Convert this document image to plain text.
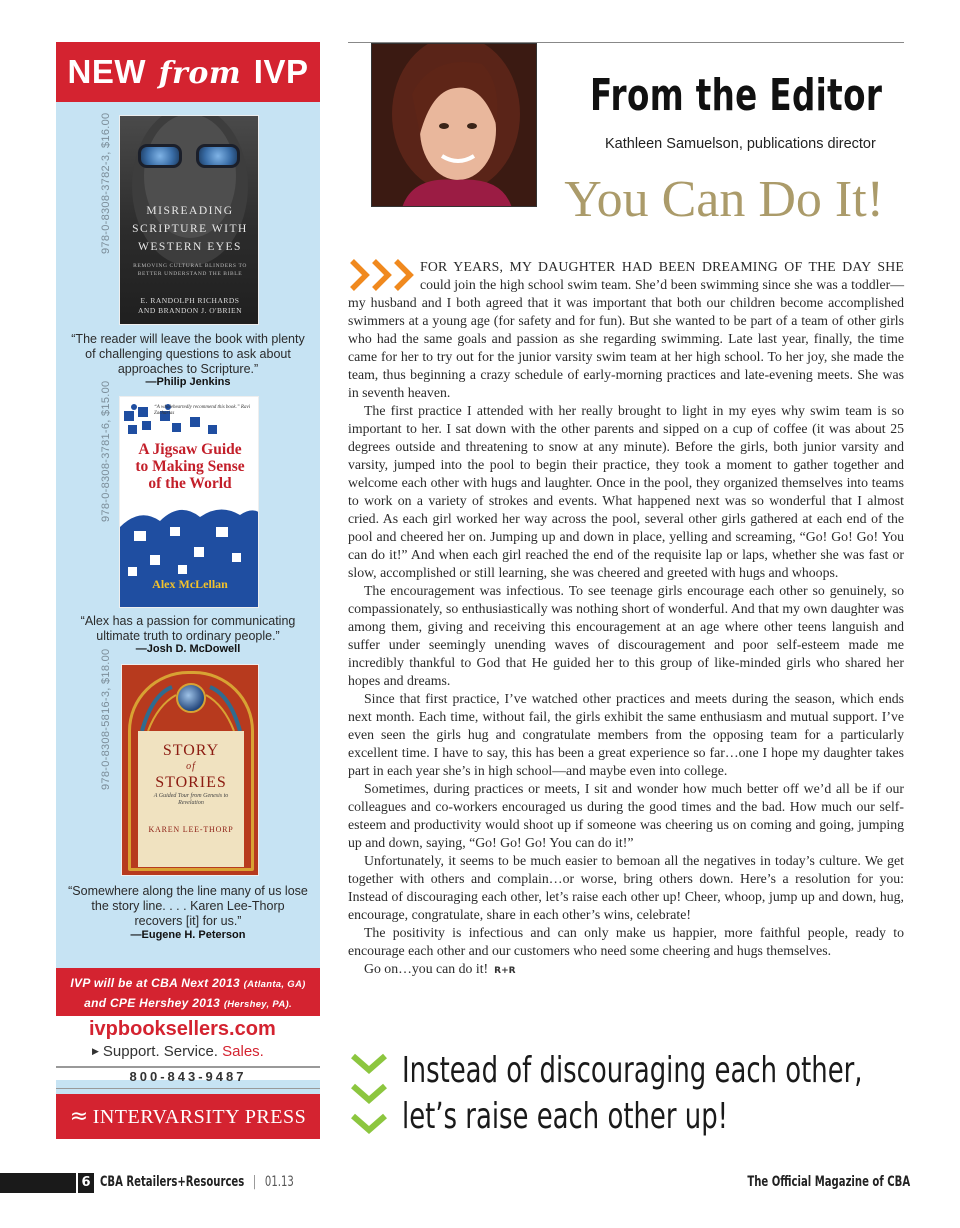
NEW from IVP
978-0-8308-3782-3, $16.00	MISREADING
SCRIPTURE WITH
WESTERN EYES
REMOVING CULTURAL BLINDERS TO BETTER UNDERSTAND THE BIBLE
E. RANDOLPH RICHARDS
AND BRANDON J. O'BRIEN
“The reader will leave the book with plenty of challenging questions to ask about approaches to Scripture.”
—Philip Jenkins
978-0-8308-3781-6, $15.00	“A wholeheartedly recommend this book.” Ravi Zacharias
A Jigsaw Guide
to Making Sense
of the World
Alex McLellan
“Alex has a passion for communicating ultimate truth to ordinary people.”
—Josh D. McDowell
978-0-8308-5816-3, $18.00	STORY
of
STORIES
A Guided Tour from Genesis to Revelation
KAREN LEE-THORP
“Somewhere along the line many of us lose the story line. . . . Karen Lee-Thorp recovers [it] for us.”
—Eugene H. Peterson
IVP will be at CBA Next 2013 (Atlanta, GA)
and CPE Hershey 2013 (Hershey, PA).
ivpbooksellers.com
▶ Support. Service. Sales.
800-843-9487
≈ INTERVARSITY PRESS
From the Editor
Kathleen Samuelson, publications director
You Can Do It!

FOR YEARS, MY DAUGHTER HAD BEEN DREAMING OF THE DAY SHE could join the high school swim team. She’d been swimming since she was a toddler—my husband and I both agreed that it was important that both our children become accomplished swimmers at a young age (for safety and for fun). But she wanted to be part of a team of other girls who had the same goals and passion as she regarding swimming. Late last year, finally, the time came for her to try out for the junior varsity swim team at her high school. To her joy, she made the team, thus beginning a crazy schedule of early-morning practices and late-evening meets. She was in seventh heaven.

The first practice I attended with her really brought to light in my eyes why swim team is so important to her. I sat down with the other parents and sipped on a cup of coffee (it was about 25 degrees outside and threatening to snow at any minute). Before the girls, both junior varsity and varsity, jumped into the pool to begin their practice, they took a moment to gather together and welcome each other with hugs and laughter. Once in the pool, they organized themselves into teams to work on a variety of strokes and events. What happened next was so wonderful that I almost cried. As each girl worked her way across the pool, several other girls gathered at each end of the pool and cheered her on. Jumping up and down in place, yelling and screaming, “Go! Go! Go! You can do it!” And when each girl reached the end of the requisite lap or laps, whether she was fast or slow, accomplished or still learning, she was cheered and greeted with hugs and whoops.

The encouragement was infectious. To see teenage girls encourage each other so genuinely, so compassionately, so enthusiastically was nothing short of wonderful. And that my own daughter was among them, giving and receiving this encouragement at an age where other teens languish and suffer under seemingly unending waves of discouragement and poor self-esteem made me incredibly thankful to God that He guided her to this group of like-minded girls who shared her hopes and dreams.

Since that first practice, I’ve watched other practices and meets during the season, which ends next month. Each time, without fail, the girls exhibit the same enthusiasm and mutual support. I’ve even seen the girls hug and congratulate members from the opposing team for a particularly excellent time. I have to say, this has been a great experience so far…one I hope my daughter takes part in each year she’s in high school—and maybe even into college.

Sometimes, during practices or meets, I sit and wonder how much better off we’d all be if our colleagues and co-workers encouraged us during the good times and the bad. How much our self-esteem and productivity would shoot up if someone was cheering us on coming and going, jumping up and down, saying, “Go! Go! Go! You can do it!”

Unfortunately, it seems to be much easier to bemoan all the negatives in today’s culture. We get together with others and complain…or worse, bring others down. Here’s a resolution for you: Instead of discouraging each other, let’s raise each other up! Cheer, whoop, jump up and down, hug, encourage, congratulate, share in each other’s wins, celebrate!

The positivity is infectious and can only make us happier, more faithful people, ready to encourage each other and our customers who need some cheering and hugs themselves.

Go on…you can do it! R+R

Instead of discouraging each other, let’s raise each other up!
6 CBA Retailers+Resources | 01.13	The Official Magazine of CBA
